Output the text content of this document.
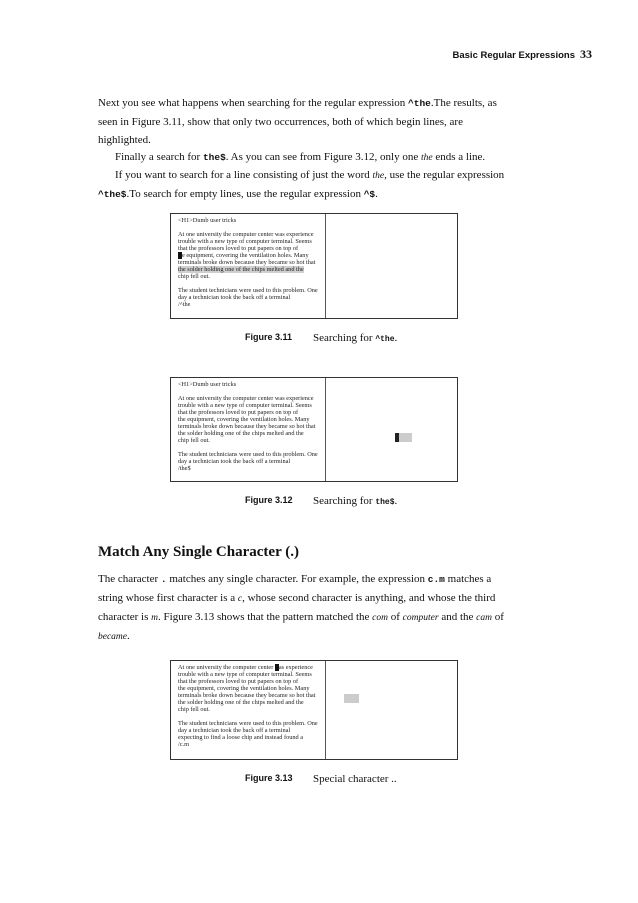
Basic Regular Expressions 33
Next you see what happens when searching for the regular expression ^the.The results, as seen in Figure 3.11, show that only two occurrences, both of which begin lines, are highlighted.
Finally a search for the$. As you can see from Figure 3.12, only one the ends a line.
If you want to search for a line consisting of just the word the, use the regular expression ^the$.To search for empty lines, use the regular expression ^$.
<H1>Dumb user tricks
At one university the computer center was experience
trouble with a new type of computer terminal. Seems
that the professors loved to put papers on top of
e equipment, covering the ventilation holes. Many
terminals broke down because they became so hot that
the solder holding one of the chips melted and the
chip fell out.
The student technicians were used to this problem. One
day a technician took the back off a terminal
/^the
Figure 3.11 Searching for ^the.
<H1>Dumb user tricks
At one university the computer center was experience
trouble with a new type of computer terminal. Seems
that the professors loved to put papers on top of
the equipment, covering the ventilation holes. Many
terminals broke down because they became so hot that
the solder holding one of the chips melted and the
chip fell out.
The student technicians were used to this problem. One
day a technician took the back off a terminal
/the$
Figure 3.12 Searching for the$.
Match Any Single Character (.)
The character . matches any single character. For example, the expression c.m matches a string whose first character is a c, whose second character is anything, and whose the third character is m. Figure 3.13 shows that the pattern matched the com of computer and the cam of became.
At one university the computer center as experience
trouble with a new type of computer terminal. Seems
that the professors loved to put papers on top of
the equipment, covering the ventilation holes. Many
terminals broke down because they became so hot that
the solder holding one of the chips melted and the
chip fell out.
The student technicians were used to this problem. One
day a technician took the back off a terminal
expecting to find a loose chip and instead found a
/c.m
Figure 3.13 Special character ..
